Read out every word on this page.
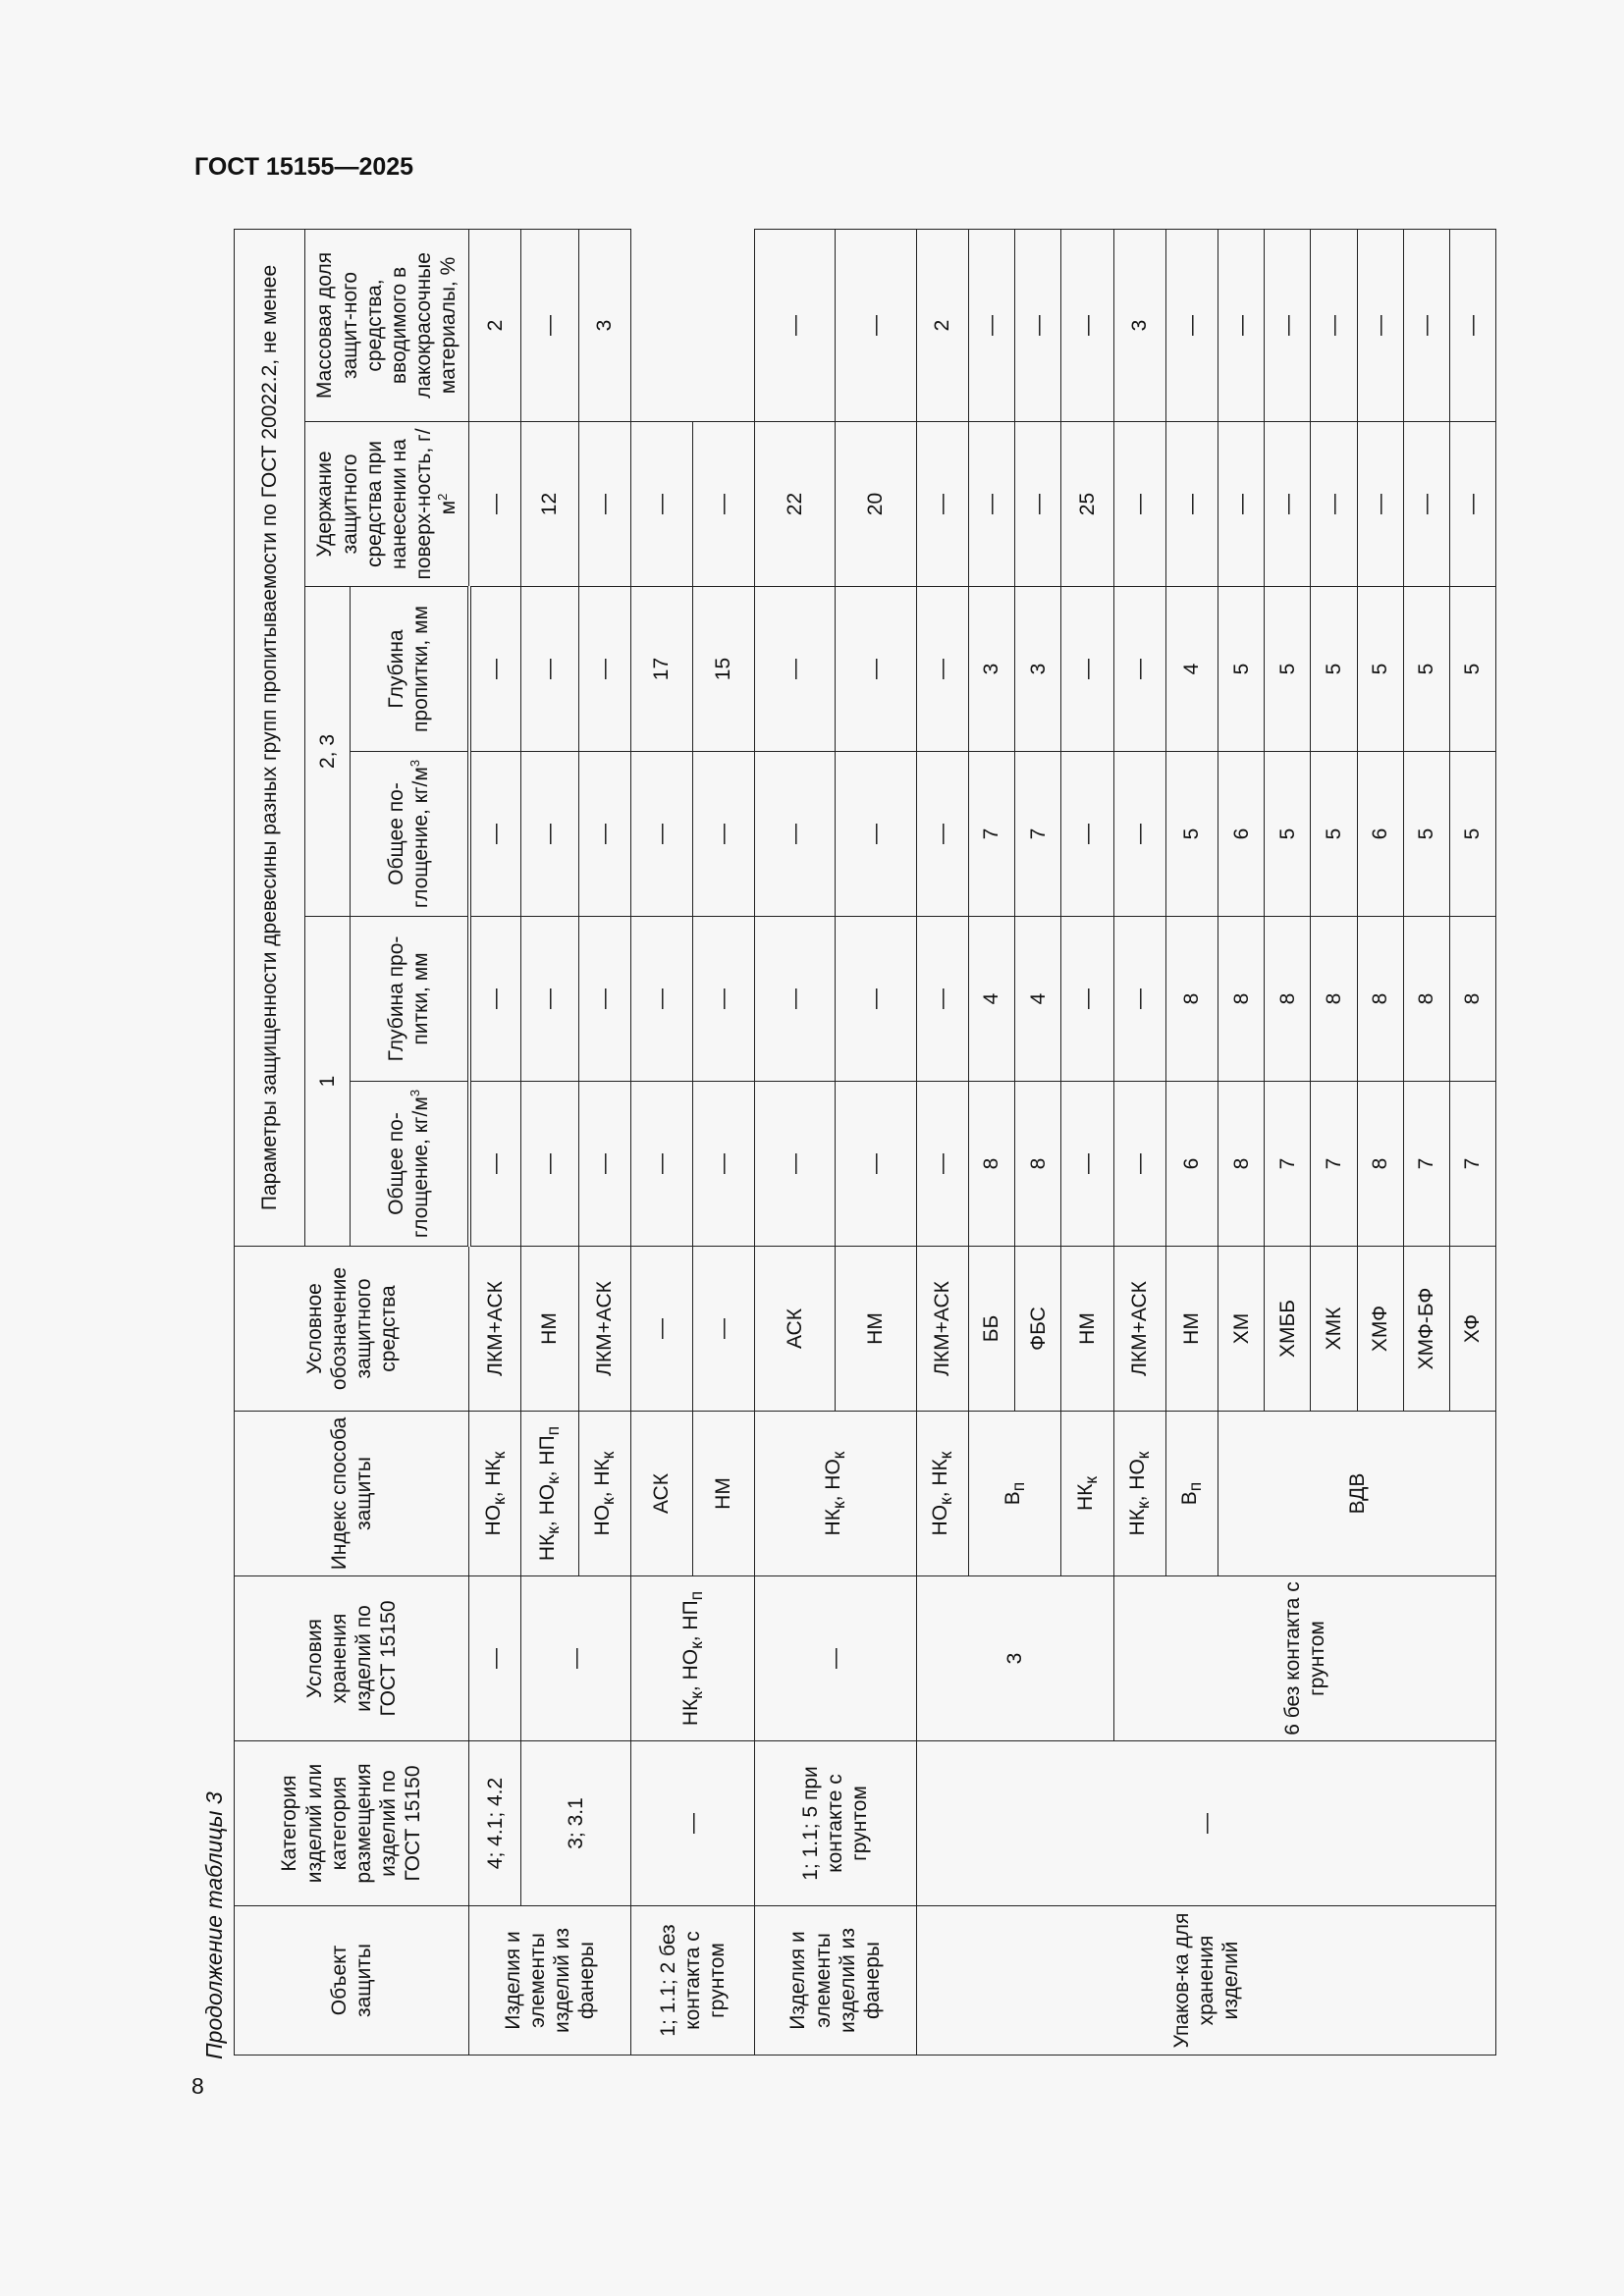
ГОСТ 15155—2025

8

Продолжение таблицы 3	Объект защиты	Категория изделий или категория размещения изделий по ГОСТ 15150	Условия хранения изделий по ГОСТ 15150	Индекс способа защиты	Условное обозначение защитного средства	Параметры защищенности древесины разных групп пропитываемости по ГОСТ 20022.2, не менее					
					1		2, 3		Удержание защитного средства при нанесении на поверх-ность, $г/м^2$	Массовая доля защит-ного средства, вводимого в лакокрасочные материалы, %
					Общее по-глощение, $кг/м^3$	Глубина про-питки, мм	Общее по-глощение, $кг/м^3$	Глубина пропитки, мм		
Изделия и элементы изделий из фанеры	4; 4.1; 4.2	—	$НО_к$, $НК_к$	ЛКМ+АСК	—	—	—	—	—	2
	3; 3.1	—	$НК_к$, $НО_к$, $НП_п$	НМ	—	—	—	—	12	—
			$НО_к$, $НК_к$	ЛКМ+АСК	—	—	—	—	—	3
1; 1.1; 2 без контакта с грунтом	—	$НК_к$, $НО_к$, $НП_п$	АСК	—	—	—	—	17	—	
			НМ	—	—	—	—	15	—	
Изделия и элементы изделий из фанеры	1; 1.1; 5 при контакте с грунтом	—	$НК_к$, $НО_к$	АСК	—	—	—	—	22	—
				НМ	—	—	—	—	20	—
Упаков-ка для хранения изделий	—	3	$НО_к$, $НК_к$	ЛКМ+АСК	—	—	—	—	—	2
			$В_п$	ББ	8	4	7	3	—	—
				ФБС	8	4	7	3	—	—
			$НК_к$	НМ	—	—	—	—	25	—
		6 без контакта с грунтом	$НК_к$, $НО_к$	ЛКМ+АСК	—	—	—	—	—	3
			$В_п$	НМ	6	8	5	4	—	—
			ВДВ	ХМ	8	8	6	5	—	—
				ХМББ	7	8	5	5	—	—
				ХМК	7	8	5	5	—	—
				ХМФ	8	8	6	5	—	—
				ХМФ-БФ	7	8	5	5	—	—
				ХФ	7	8	5	5	—	—
